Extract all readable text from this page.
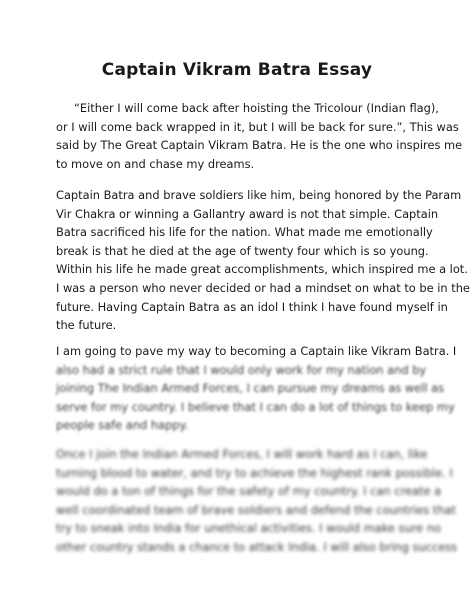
Captain Vikram Batra Essay

“Either I will come back after hoisting the Tricolour (Indian flag),
or I will come back wrapped in it, but I will be back for sure.”, This was
said by The Great Captain Vikram Batra. He is the one who inspires me
to move on and chase my dreams.

Captain Batra and brave soldiers like him, being honored by the Param
Vir Chakra or winning a Gallantry award is not that simple. Captain
Batra sacrificed his life for the nation. What made me emotionally
break is that he died at the age of twenty four which is so young.
Within his life he made great accomplishments, which inspired me a lot.
I was a person who never decided or had a mindset on what to be in the
future. Having Captain Batra as an idol I think I have found myself in
the future.

I am going to pave my way to becoming a Captain like Vikram Batra. I
also had a strict rule that I would only work for my nation and by
joining The Indian Armed Forces, I can pursue my dreams as well as
serve for my country. I believe that I can do a lot of things to keep my
people safe and happy.

Once I join the Indian Armed Forces, I will work hard as I can, like
turning blood to water, and try to achieve the highest rank possible. I
would do a ton of things for the safety of my country. I can create a
well coordinated team of brave soldiers and defend the countries that
try to sneak into India for unethical activities. I would make sure no
other country stands a chance to attack India. I will also bring success
